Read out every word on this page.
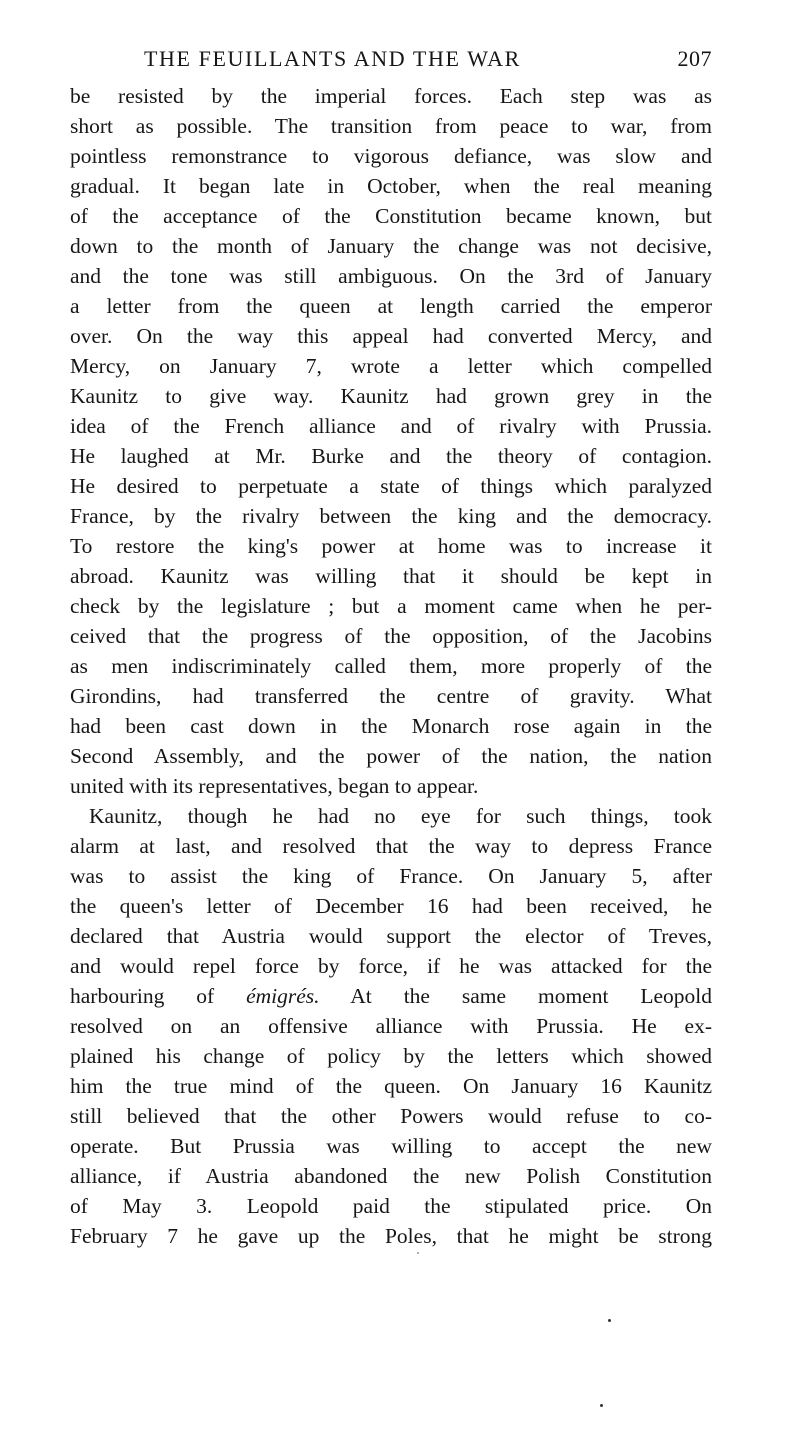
THE FEUILLANTS AND THE WAR	207
be resisted by the imperial forces. Each step was as
short as possible. The transition from peace to war, from
pointless remonstrance to vigorous defiance, was slow and
gradual. It began late in October, when the real meaning
of the acceptance of the Constitution became known, but
down to the month of January the change was not decisive,
and the tone was still ambiguous. On the 3rd of January
a letter from the queen at length carried the emperor
over. On the way this appeal had converted Mercy, and
Mercy, on January 7, wrote a letter which compelled
Kaunitz to give way. Kaunitz had grown grey in the
idea of the French alliance and of rivalry with Prussia.
He laughed at Mr. Burke and the theory of contagion.
He desired to perpetuate a state of things which paralyzed
France, by the rivalry between the king and the democracy.
To restore the king's power at home was to increase it
abroad. Kaunitz was willing that it should be kept in
check by the legislature ; but a moment came when he per-
ceived that the progress of the opposition, of the Jacobins
as men indiscriminately called them, more properly of the
Girondins, had transferred the centre of gravity. What
had been cast down in the Monarch rose again in the
Second Assembly, and the power of the nation, the nation
united with its representatives, began to appear.
Kaunitz, though he had no eye for such things, took
alarm at last, and resolved that the way to depress France
was to assist the king of France. On January 5, after
the queen's letter of December 16 had been received, he
declared that Austria would support the elector of Treves,
and would repel force by force, if he was attacked for the
harbouring of émigrés. At the same moment Leopold
resolved on an offensive alliance with Prussia. He ex-
plained his change of policy by the letters which showed
him the true mind of the queen. On January 16 Kaunitz
still believed that the other Powers would refuse to co-
operate. But Prussia was willing to accept the new
alliance, if Austria abandoned the new Polish Constitution
of May 3. Leopold paid the stipulated price. On
February 7 he gave up the Poles, that he might be strong
